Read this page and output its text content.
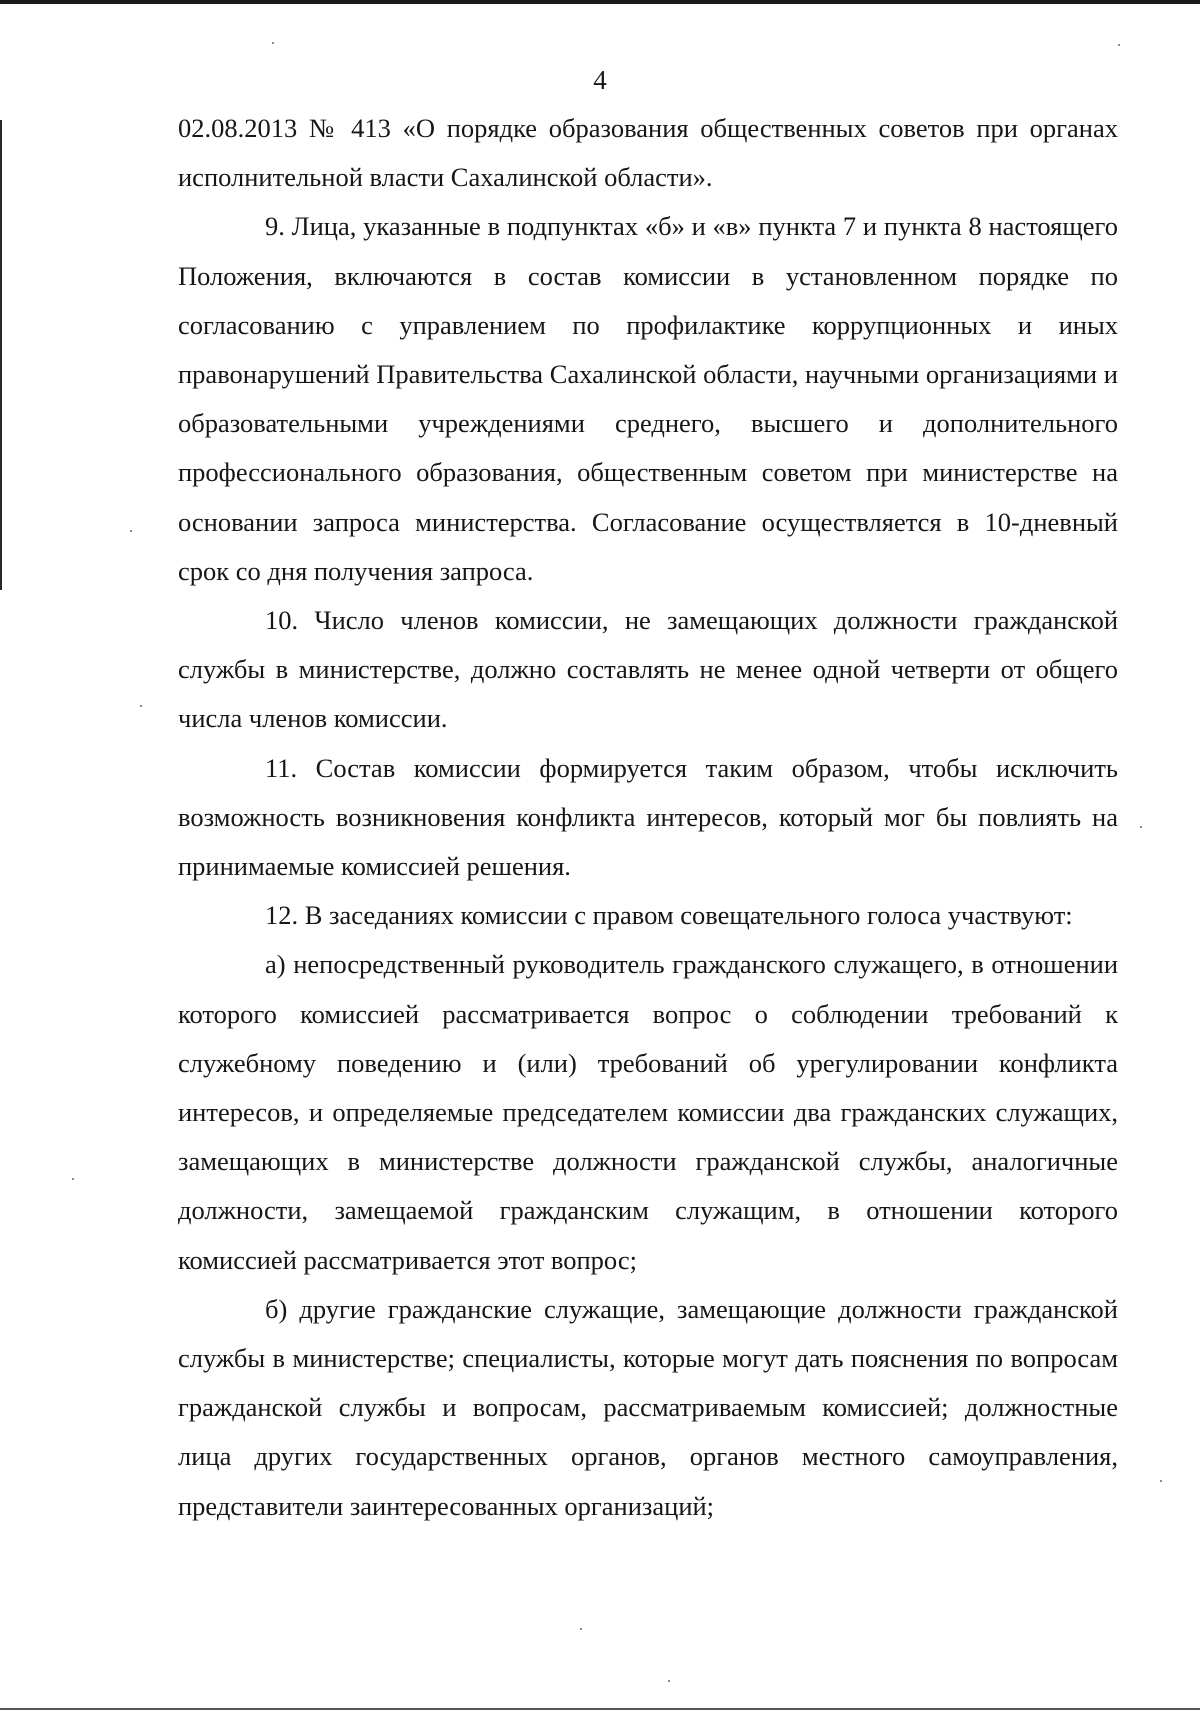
4

02.08.2013 № 413 «О порядке образования общественных советов при органах исполнительной власти Сахалинской области».

9. Лица, указанные в подпунктах «б» и «в» пункта 7 и пункта 8 настоящего Положения, включаются в состав комиссии в установленном порядке по согласованию с управлением по профилактике коррупционных и иных правонарушений Правительства Сахалинской области, научными организациями и образовательными учреждениями среднего, высшего и дополнительного профессионального образования, общественным советом при министерстве на основании запроса министерства. Согласование осуществляется в 10-дневный срок со дня получения запроса.

10. Число членов комиссии, не замещающих должности гражданской службы в министерстве, должно составлять не менее одной четверти от общего числа членов комиссии.

11. Состав комиссии формируется таким образом, чтобы исключить возможность возникновения конфликта интересов, который мог бы повлиять на принимаемые комиссией решения.

12. В заседаниях комиссии с правом совещательного голоса участвуют:

а) непосредственный руководитель гражданского служащего, в отношении которого комиссией рассматривается вопрос о соблюдении требований к служебному поведению и (или) требований об урегулировании конфликта интересов, и определяемые председателем комиссии два гражданских служащих, замещающих в министерстве должности гражданской службы, аналогичные должности, замещаемой гражданским служащим, в отношении которого комиссией рассматривается этот вопрос;

б) другие гражданские служащие, замещающие должности гражданской службы в министерстве; специалисты, которые могут дать пояснения по вопросам гражданской службы и вопросам, рассматриваемым комиссией; должностные лица других государственных органов, органов местного самоуправления, представители заинтересованных организаций;
